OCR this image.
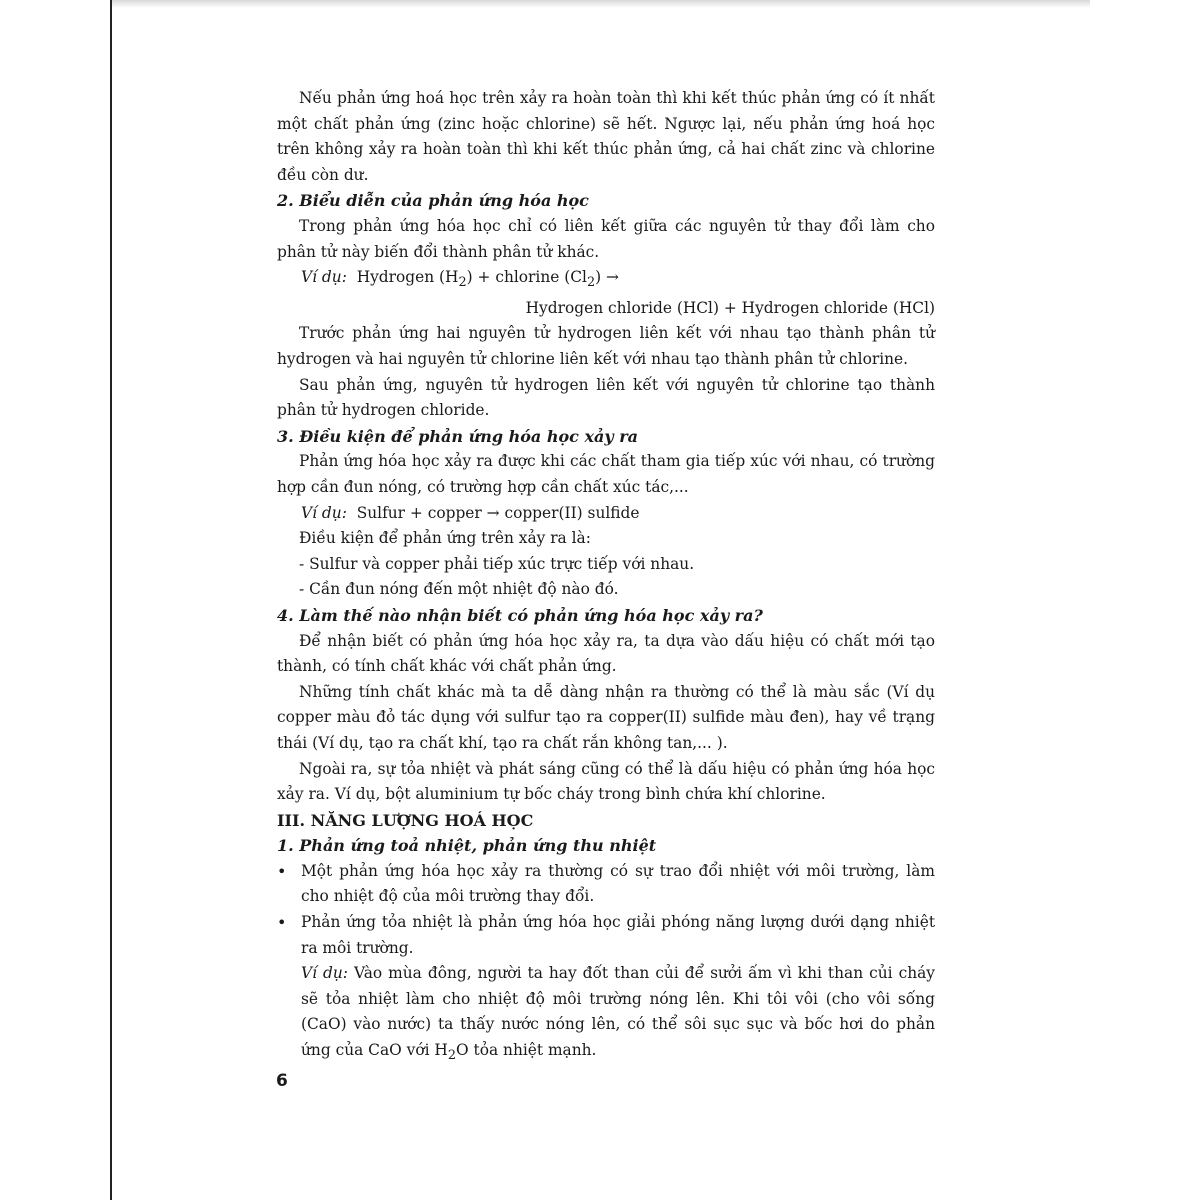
Nếu phản ứng hoá học trên xảy ra hoàn toàn thì khi kết thúc phản ứng có ít nhất một chất phản ứng (zinc hoặc chlorine) sẽ hết. Ngược lại, nếu phản ứng hoá học trên không xảy ra hoàn toàn thì khi kết thúc phản ứng, cả hai chất zinc và chlorine đều còn dư.

2. Biểu diễn của phản ứng hóa học

Trong phản ứng hóa học chỉ có liên kết giữa các nguyên tử thay đổi làm cho phân tử này biến đổi thành phân tử khác.

Ví dụ: Hydrogen $(H_2)$ + chlorine $(Cl_2)$ →

Hydrogen chloride (HCl) + Hydrogen chloride (HCl)

Trước phản ứng hai nguyên tử hydrogen liên kết với nhau tạo thành phân tử hydrogen và hai nguyên tử chlorine liên kết với nhau tạo thành phân tử chlorine.

Sau phản ứng, nguyên tử hydrogen liên kết với nguyên tử chlorine tạo thành phân tử hydrogen chloride.

3. Điều kiện để phản ứng hóa học xảy ra

Phản ứng hóa học xảy ra được khi các chất tham gia tiếp xúc với nhau, có trường hợp cần đun nóng, có trường hợp cần chất xúc tác,...

Ví dụ: Sulfur + copper → copper(II) sulfide

Điều kiện để phản ứng trên xảy ra là:

- Sulfur và copper phải tiếp xúc trực tiếp với nhau.

- Cần đun nóng đến một nhiệt độ nào đó.

4. Làm thế nào nhận biết có phản ứng hóa học xảy ra?

Để nhận biết có phản ứng hóa học xảy ra, ta dựa vào dấu hiệu có chất mới tạo thành, có tính chất khác với chất phản ứng.

Những tính chất khác mà ta dễ dàng nhận ra thường có thể là màu sắc (Ví dụ copper màu đỏ tác dụng với sulfur tạo ra copper(II) sulfide màu đen), hay về trạng thái (Ví dụ, tạo ra chất khí, tạo ra chất rắn không tan,... ).

Ngoài ra, sự tỏa nhiệt và phát sáng cũng có thể là dấu hiệu có phản ứng hóa học xảy ra. Ví dụ, bột aluminium tự bốc cháy trong bình chứa khí chlorine.

III. NĂNG LƯỢNG HOÁ HỌC

1. Phản ứng toả nhiệt, phản ứng thu nhiệt

• Một phản ứng hóa học xảy ra thường có sự trao đổi nhiệt với môi trường, làm cho nhiệt độ của môi trường thay đổi.

• Phản ứng tỏa nhiệt là phản ứng hóa học giải phóng năng lượng dưới dạng nhiệt ra môi trường.

Ví dụ: Vào mùa đông, người ta hay đốt than củi để sưởi ấm vì khi than củi cháy sẽ tỏa nhiệt làm cho nhiệt độ môi trường nóng lên. Khi tôi vôi (cho vôi sống (CaO) vào nước) ta thấy nước nóng lên, có thể sôi sục sục và bốc hơi do phản ứng của CaO với $H_2O$ tỏa nhiệt mạnh.

6
